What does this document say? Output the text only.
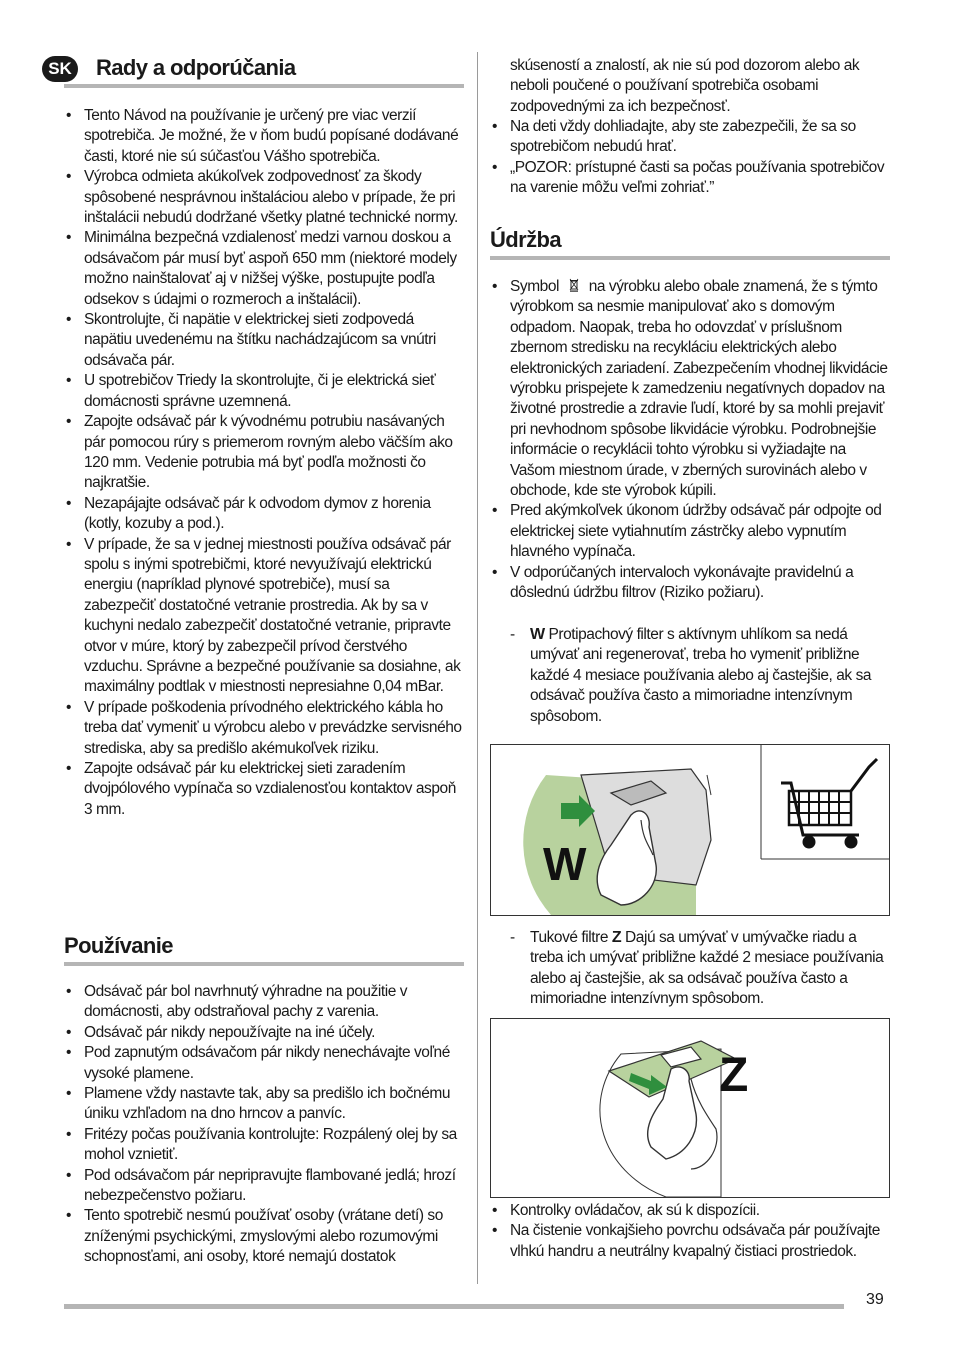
SK Rady a odporúčania
• Tento Návod na používanie je určený pre viac verzií spotrebiča. Je možné, že v ňom budú popísané dodávané časti, ktoré nie sú súčasťou Vášho spotrebiča.
• Výrobca odmieta akúkoľvek zodpovednosť za škody spôsobené nesprávnou inštaláciou alebo v prípade, že pri inštalácii nebudú dodržané všetky platné technické normy.
• Minimálna bezpečná vzdialenosť medzi varnou doskou a odsávačom pár musí byť aspoň 650 mm (niektoré modely možno nainštalovať aj v nižšej výške, postupujte podľa odsekov s údajmi o rozmeroch a inštalácii).
• Skontrolujte, či napätie v elektrickej sieti zodpovedá napätiu uvedenému na štítku nachádzajúcom sa vnútri odsávača pár.
• U spotrebičov Triedy Ia skontrolujte, či je elektrická sieť domácnosti správne uzemnená.
• Zapojte odsávač pár k vývodnému potrubiu nasávaných pár pomocou rúry s priemerom rovným alebo väčším ako 120 mm. Vedenie potrubia má byť podľa možnosti čo najkratšie.
• Nezapájajte odsávač pár k odvodom dymov z horenia (kotly, kozuby a pod.).
• V prípade, že sa v jednej miestnosti používa odsávač pár spolu s inými spotrebičmi, ktoré nevyužívajú elektrickú energiu (napríklad plynové spotrebiče), musí sa zabezpečiť dostatočné vetranie prostredia. Ak by sa v kuchyni nedalo zabezpečiť dostatočné vetranie, pripravte otvor v múre, ktorý by zabezpečil prívod čerstvého vzduchu. Správne a bezpečné používanie sa dosiahne, ak maximálny podtlak v miestnosti nepresiahne 0,04 mBar.
• V prípade poškodenia prívodného elektrického kábla ho treba dať vymeniť u výrobcu alebo v prevádzke servisného strediska, aby sa predišlo akémukoľvek riziku.
• Zapojte odsávač pár ku elektrickej sieti zaradením dvojpólového vypínača so vzdialenosťou kontaktov aspoň 3 mm.
Používanie
• Odsávač pár bol navrhnutý výhradne na použitie v domácnosti, aby odstraňoval pachy z varenia.
• Odsávač pár nikdy nepoužívajte na iné účely.
• Pod zapnutým odsávačom pár nikdy nenechávajte voľné vysoké plamene.
• Plamene vždy nastavte tak, aby sa predišlo ich bočnému úniku vzhľadom na dno hrncov a panvíc.
• Fritézy počas používania kontrolujte: Rozpálený olej by sa mohol vznietiť.
• Pod odsávačom pár nepripravujte flambované jedlá; hrozí nebezpečenstvo požiaru.
• Tento spotrebič nesmú používať osoby (vrátane detí) so zníženými psychickými, zmyslovými alebo rozumovými schopnosťami, ani osoby, ktoré nemajú dostatok

skúseností a znalostí, ak nie sú pod dozorom alebo ak neboli poučené o používaní spotrebiča osobami zodpovednými za ich bezpečnosť.

• Na deti vždy dohliadajte, aby ste zabezpečili, že sa so spotrebičom nebudú hrať.
• „POZOR: prístupné časti sa počas používania spotrebičov na varenie môžu veľmi zohriať.”
Údržba
• Symbol na výrobku alebo obale znamená, že s týmto výrobkom sa nesmie manipulovať ako s domovým odpadom. Naopak, treba ho odovzdať v príslušnom zbernom stredisku na recykláciu elektrických alebo elektronických zariadení. Zabezpečením vhodnej likvidácie výrobku prispejete k zamedzeniu negatívnych dopadov na životné prostredie a zdravie ľudí, ktoré by sa mohli prejaviť pri nevhodnom spôsobe likvidácie výrobku. Podrobnejšie informácie o recyklácii tohto výrobku si vyžiadajte na Vašom miestnom úrade, v zberných surovinách alebo v obchode, kde ste výrobok kúpili.
• Pred akýmkoľvek úkonom údržby odsávač pár odpojte od elektrickej siete vytiahnutím zástrčky alebo vypnutím hlavného vypínača.
• V odporúčaných intervaloch vykonávajte pravidelnú a dôslednú údržbu filtrov (Riziko požiaru).
- W Protipachový filter s aktívnym uhlíkom sa nedá umývať ani regenerovať, treba ho vymeniť približne každé 4 mesiace používania alebo aj častejšie, ak sa odsávač používa často a mimoriadne intenzívnym spôsobom.
W
- Tukové filtre Z Dajú sa umývať v umývačke riadu a treba ich umývať približne každé 2 mesiace používania alebo aj častejšie, ak sa odsávač používa často a mimoriadne intenzívnym spôsobom.
Z
• Kontrolky ovládačov, ak sú k dispozícii.
• Na čistenie vonkajšieho povrchu odsávača pár používajte vlhkú handru a neutrálny kvapalný čistiaci prostriedok.
39
